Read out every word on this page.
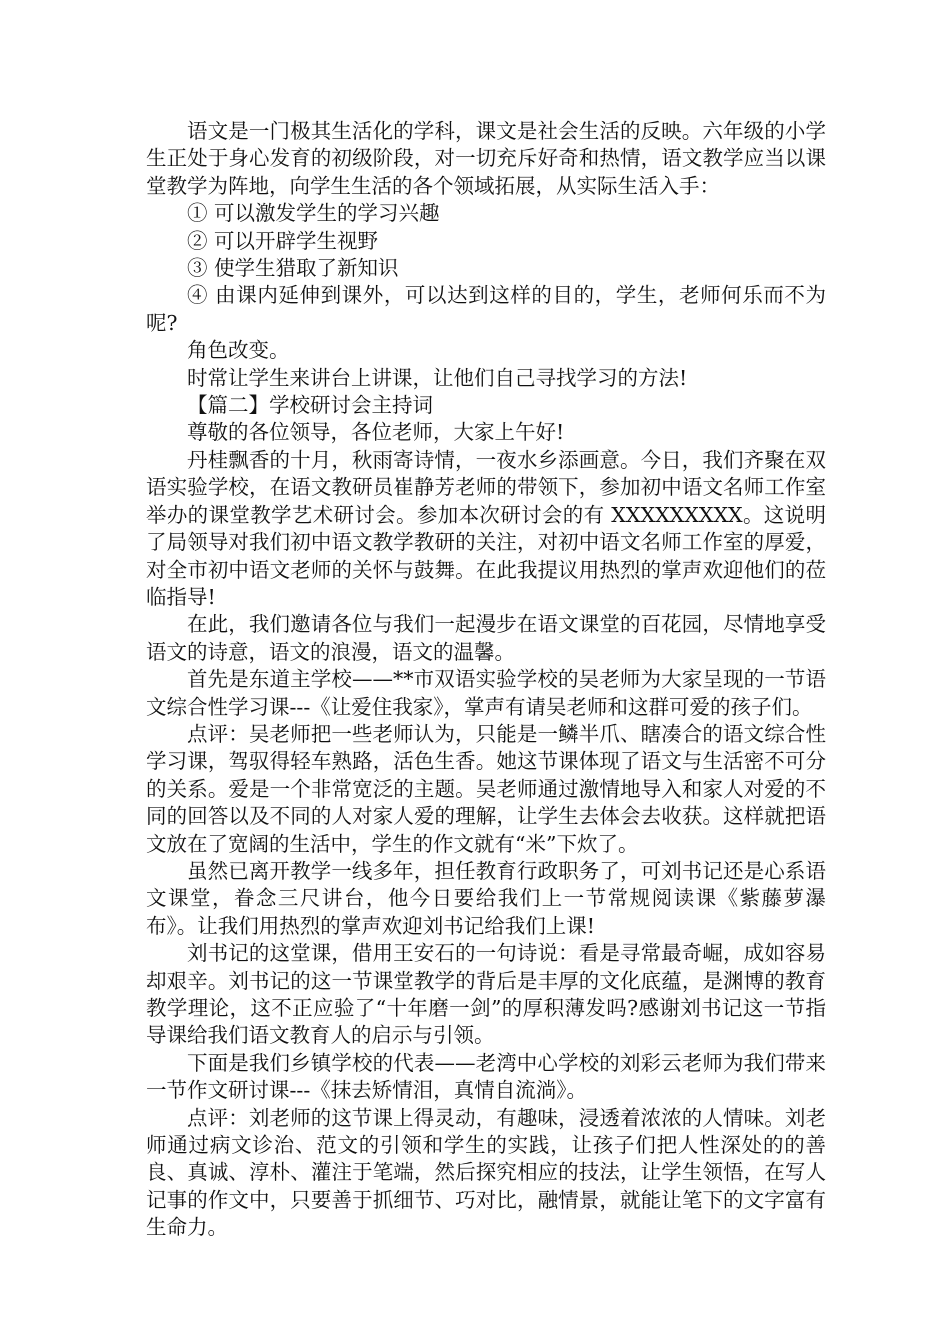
语文是一门极其生活化的学科，课文是社会生活的反映。六年级的小学生正处于身心发育的初级阶段，对一切充斥好奇和热情，语文教学应当以课堂教学为阵地，向学生生活的各个领域拓展，从实际生活入手：

① 可以激发学生的学习兴趣

② 可以开辟学生视野

③ 使学生猎取了新知识

④ 由课内延伸到课外，可以达到这样的目的，学生，老师何乐而不为呢?

角色改变。

时常让学生来讲台上讲课，让他们自己寻找学习的方法!

【篇二】学校研讨会主持词

尊敬的各位领导，各位老师，大家上午好!

丹桂飘香的十月，秋雨寄诗情，一夜水乡添画意。今日，我们齐聚在双语实验学校，在语文教研员崔静芳老师的带领下，参加初中语文名师工作室举办的课堂教学艺术研讨会。参加本次研讨会的有 XXXXXXXXX。这说明了局领导对我们初中语文教学教研的关注，对初中语文名师工作室的厚爱，对全市初中语文老师的关怀与鼓舞。在此我提议用热烈的掌声欢迎他们的莅临指导!

在此，我们邀请各位与我们一起漫步在语文课堂的百花园，尽情地享受语文的诗意，语文的浪漫，语文的温馨。

首先是东道主学校——**市双语实验学校的吴老师为大家呈现的一节语文综合性学习课---《让爱住我家》，掌声有请吴老师和这群可爱的孩子们。

点评：吴老师把一些老师认为，只能是一鳞半爪、瞎凑合的语文综合性学习课，驾驭得轻车熟路，活色生香。她这节课体现了语文与生活密不可分的关系。爱是一个非常宽泛的主题。吴老师通过激情地导入和家人对爱的不同的回答以及不同的人对家人爱的理解，让学生去体会去收获。这样就把语文放在了宽阔的生活中，学生的作文就有“米”下炊了。

虽然已离开教学一线多年，担任教育行政职务了，可刘书记还是心系语文课堂，眷念三尺讲台，他今日要给我们上一节常规阅读课《紫藤萝瀑布》。让我们用热烈的掌声欢迎刘书记给我们上课!

刘书记的这堂课，借用王安石的一句诗说：看是寻常最奇崛，成如容易却艰辛。刘书记的这一节课堂教学的背后是丰厚的文化底蕴，是渊博的教育教学理论，这不正应验了“十年磨一剑”的厚积薄发吗?感谢刘书记这一节指导课给我们语文教育人的启示与引领。

下面是我们乡镇学校的代表——老湾中心学校的刘彩云老师为我们带来一节作文研讨课---《抹去矫情泪，真情自流淌》。

点评：刘老师的这节课上得灵动，有趣味，浸透着浓浓的人情味。刘老师通过病文诊治、范文的引领和学生的实践，让孩子们把人性深处的的善良、真诚、淳朴、灌注于笔端，然后探究相应的技法，让学生领悟，在写人记事的作文中，只要善于抓细节、巧对比，融情景，就能让笔下的文字富有生命力。
